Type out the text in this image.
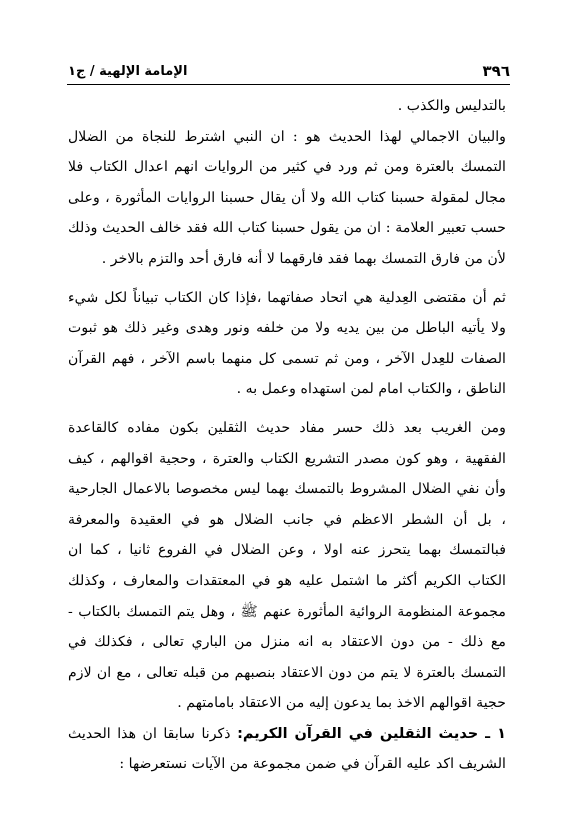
٣٩٦
الإمامة الإلهية / ج١

بالتدليس والكذب .

والبيان الاجمالي لهذا الحديث هو : ان النبي اشترط للنجاة من الضلال التمسك بالعترة ومن ثم ورد في كثير من الروايات انهم اعدال الكتاب فلا مجال لمقولة حسبنا كتاب الله ولا أن يقال حسبنا الروايات المأثورة ، وعلى حسب تعبير العلامة : ان من يقول حسبنا كتاب الله فقد خالف الحديث وذلك لأن من فارق التمسك بهما فقد فارقهما لا أنه فارق أحد والتزم بالاخر .

ثم أن مقتضى العِدلية هي اتحاد صفاتهما ،فإذا كان الكتاب تبياناً لكل شيء ولا يأتيه الباطل من بين يديه ولا من خلفه ونور وهدى وغير ذلك هو ثبوت الصفات للعِدل الآخر ، ومن ثم تسمى كل منهما باسم الآخر ، فهم القرآن الناطق ، والكتاب امام لمن استهداه وعمل به .

ومن الغريب بعد ذلك حسر مفاد حديث الثقلين بكون مفاده كالقاعدة الفقهية ، وهو كون مصدر التشريع الكتاب والعترة ، وحجية اقوالهم ، كيف وأن نفي الضلال المشروط بالتمسك بهما ليس مخصوصا بالاعمال الجارحية ، بل أن الشطر الاعظم في جانب الضلال هو في العقيدة والمعرفة فبالتمسك بهما يتحرز عنه اولا ، وعن الضلال في الفروع ثانيا ، كما ان الكتاب الكريم أكثر ما اشتمل عليه هو في المعتقدات والمعارف ، وكذلك مجموعة المنظومة الروائية المأثورة عنهم ﷺ ، وهل يتم التمسك بالكتاب - مع ذلك - من دون الاعتقاد به انه منزل من الباري تعالى ، فكذلك في التمسك بالعترة لا يتم من دون الاعتقاد بنصبهم من قبله تعالى ، مع ان لازم حجية اقوالهم الاخذ بما يدعون إليه من الاعتقاد بامامتهم .

١ ـ حديث الثقلين في القرآن الكريم: ذكرنا سابقا ان هذا الحديث الشريف اكد عليه القرآن في ضمن مجموعة من الآيات نستعرضها :
